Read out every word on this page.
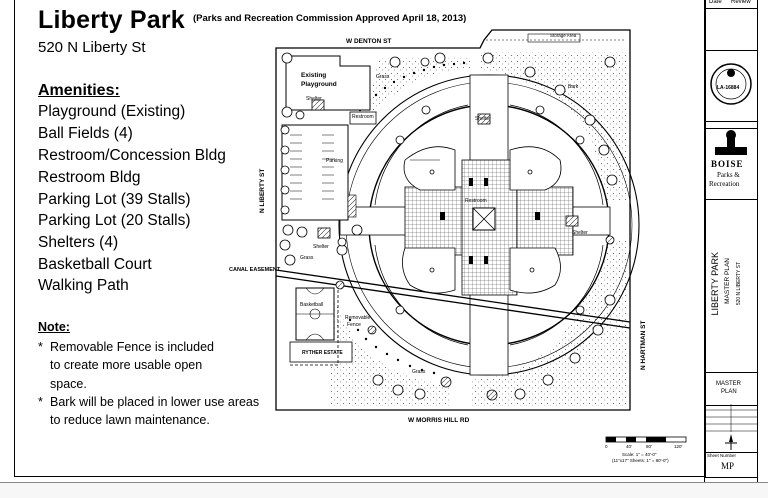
Liberty Park (Parks and Recreation Commission Approved April 18, 2013)
520 N Liberty St
Amenities:
Playground (Existing)
Ball Fields (4)
Restroom/Concession Bldg
Restroom Bldg
Parking Lot (39 Stalls)
Parking Lot (20 Stalls)
Shelters (4)
Basketball Court
Walking Path
Note:
* Removable Fence is included
to create more usable open
space.
* Bark will be placed in lower use areas
to reduce lawn maintenance.
W DENTON ST
W MORRIS HILL RD
N LIBERTY ST
N HARTMAN ST
CANAL EASEMENT
Existing
Playground
Shelter
Restroom
Parking
Grass
Grass
Grass
Bark
Storage Area
Shelter
Shelter
Shelter
Restroom
Basketball
Removable
Fence
RYTHER ESTATE
0	40'	80'	120'
Scale: 1" = 40'-0"
(11"x17" Sheets: 1" = 80'-0")
Date Review
LA-16884
BOISE
Parks &
Recreation
LIBERTY PARK MASTER PLAN 520 N LIBERTY ST
MASTER
PLAN
Sheet Number
MP
